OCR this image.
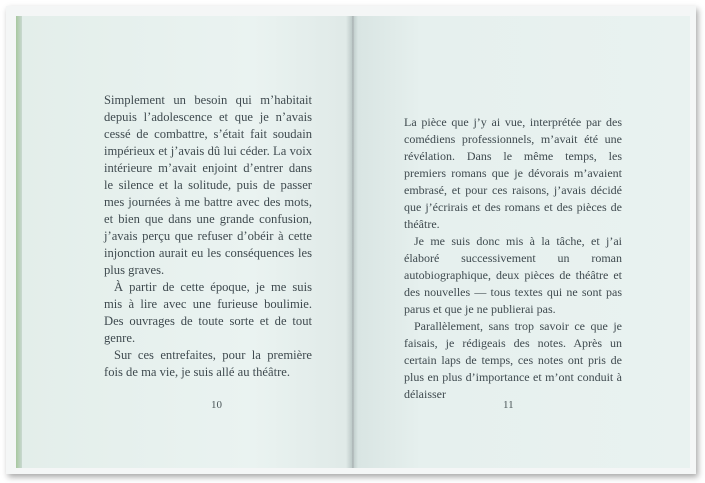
Simplement un besoin qui m’habitait depuis l’adolescence et que je n’avais cessé de combattre, s’était fait soudain impérieux et j’avais dû lui céder. La voix intérieure m’avait enjoint d’entrer dans le silence et la solitude, puis de passer mes journées à me battre avec des mots, et bien que dans une grande confusion, j’avais perçu que refuser d’obéir à cette injonction aurait eu les conséquences les plus graves.

À partir de cette époque, je me suis mis à lire avec une furieuse boulimie. Des ouvrages de toute sorte et de tout genre.

Sur ces entrefaites, pour la première fois de ma vie, je suis allé au théâtre.

10

La pièce que j’y ai vue, interprétée par des comédiens professionnels, m’avait été une révélation. Dans le même temps, les premiers romans que je dévorais m’avaient embrasé, et pour ces raisons, j’avais décidé que j’écrirais et des romans et des pièces de théâtre.

Je me suis donc mis à la tâche, et j’ai élaboré successivement un roman autobiographique, deux pièces de théâtre et des nouvelles — tous textes qui ne sont pas parus et que je ne publierai pas.

Parallèlement, sans trop savoir ce que je faisais, je rédigeais des notes. Après un certain laps de temps, ces notes ont pris de plus en plus d’importance et m’ont conduit à délaisser

11
